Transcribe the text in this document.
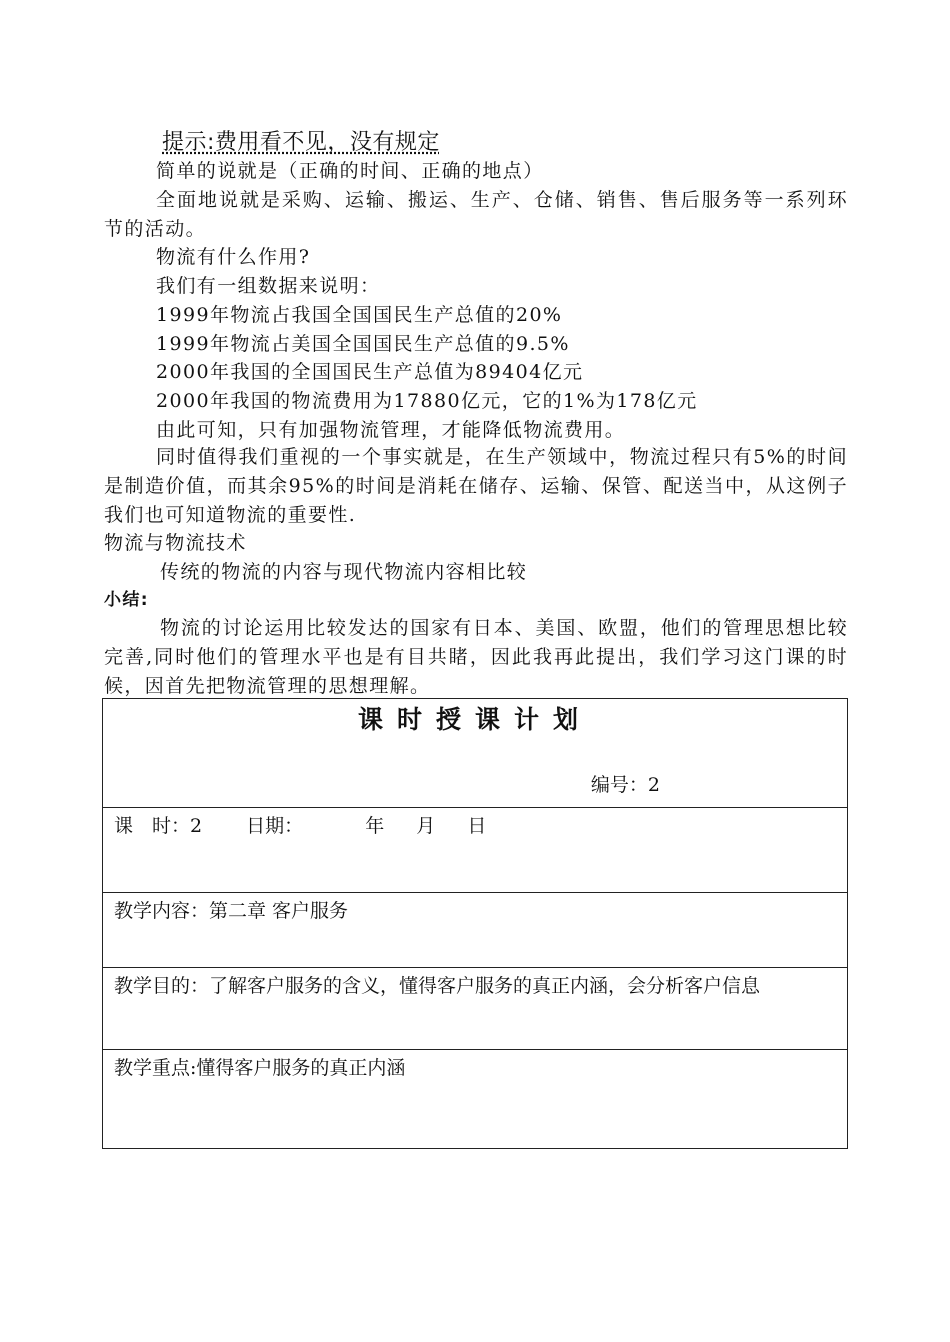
提示:费用看不见，没有规定
简单的说就是（正确的时间、正确的地点）
全面地说就是采购、运输、搬运、生产、仓储、销售、售后服务等一系列环节的活动。
物流有什么作用?
我们有一组数据来说明：
1999年物流占我国全国国民生产总值的20%
1999年物流占美国全国国民生产总值的9.5%
2000年我国的全国国民生产总值为89404亿元
2000年我国的物流费用为17880亿元，它的1%为178亿元
由此可知，只有加强物流管理，才能降低物流费用。
同时值得我们重视的一个事实就是，在生产领域中，物流过程只有5%的时间是制造价值，而其余95%的时间是消耗在储存、运输、保管、配送当中，从这例子我们也可知道物流的重要性.
物流与物流技术
传统的物流的内容与现代物流内容相比较
小结:
物流的讨论运用比较发达的国家有日本、美国、欧盟，他们的管理思想比较完善,同时他们的管理水平也是有目共睹，因此我再此提出，我们学习这门课的时候，因首先把物流管理的思想理解。
课时授课计划
编号：2

课　时：2 日期：	年 月 日
教学内容：第二章 客户服务
教学目的：了解客户服务的含义，懂得客户服务的真正内涵，会分析客户信息
教学重点:懂得客户服务的真正内涵
